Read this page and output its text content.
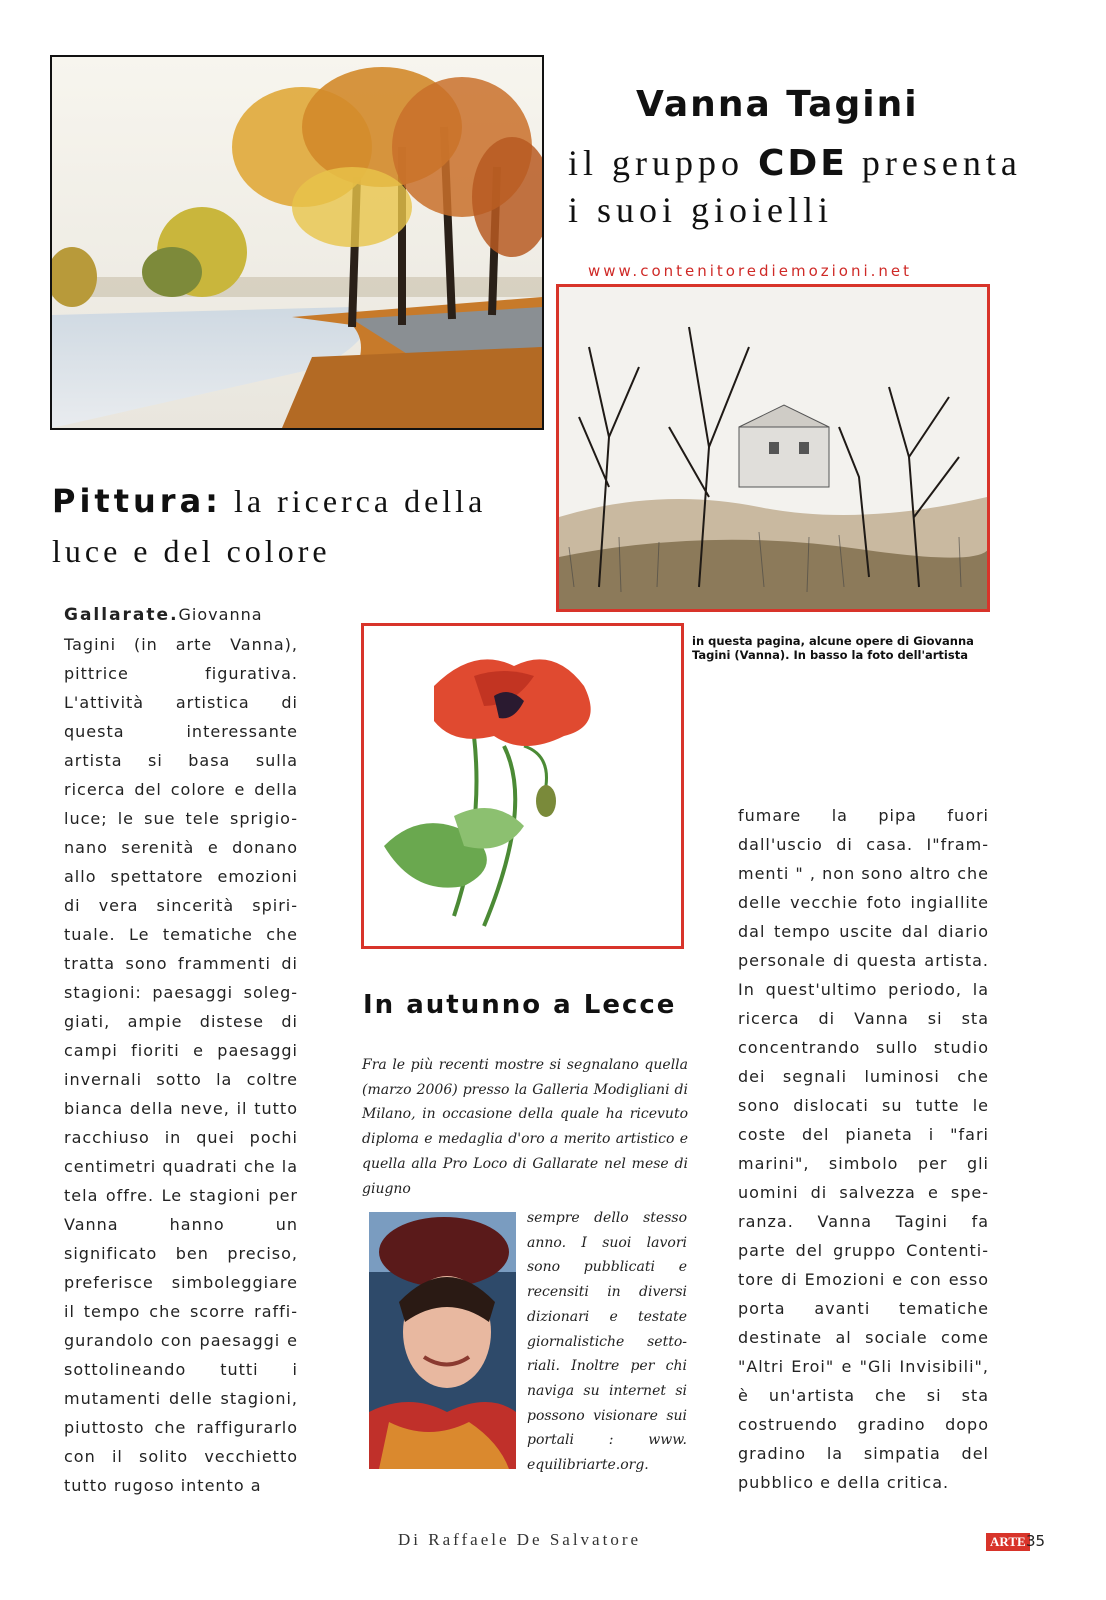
Vanna Tagini
il gruppo CDE presenta
i suoi gioielli
www.contenitorediemozioni.net
in questa pagina, alcune opere di Giovanna Tagini (Vanna). In basso la foto dell'artista
Pittura: la ricerca della
luce e del colore
Gallarate.Giovanna Tagini (in arte Vanna), pittrice figurativa. L'attività artistica di questa interessante artista si basa sulla ricerca del colore e della luce; le sue tele sprigio-nano serenità e donano allo spettatore emozioni di vera sincerità spiri-tuale. Le tematiche che tratta sono frammenti di stagioni: paesaggi soleg-giati, ampie distese di campi fioriti e paesaggi invernali sotto la coltre bianca della neve, il tutto racchiuso in quei pochi centimetri quadrati che la tela offre. Le stagioni per Vanna hanno un significato ben preciso, preferisce simboleggiare il tempo che scorre raffi-gurandolo con paesaggi e sottolineando tutti i mutamenti delle stagioni, piuttosto che raffigurarlo con il solito vecchietto tutto rugoso intento a
In autunno a Lecce
Fra le più recenti mostre si segnalano quella (marzo 2006) presso la Galleria Modigliani di Milano, in occasione della quale ha ricevuto diploma e medaglia d'oro a merito artistico e quella alla Pro Loco di Gallarate nel mese di giugno
sempre dello stesso anno. I suoi lavori sono pubblicati e recensiti in diversi dizionari e testate giornalistiche setto-riali. Inoltre per chi naviga su internet si possono visionare sui portali : www. equilibriarte.org.
fumare la pipa fuori dall'uscio di casa. I"fram-menti " , non sono altro che delle vecchie foto ingiallite dal tempo uscite dal diario personale di questa artista. In quest'ultimo periodo, la ricerca di Vanna si sta concentrando sullo studio dei segnali luminosi che sono dislocati su tutte le coste del pianeta i "fari marini", simbolo per gli uomini di salvezza e spe-ranza. Vanna Tagini fa parte del gruppo Contenti-tore di Emozioni e con esso porta avanti tematiche destinate al sociale come "Altri Eroi" e "Gli Invisibili", è un'artista che si sta costruendo gradino dopo gradino la simpatia del pubblico e della critica.
Di Raffaele De Salvatore	ARTE 35
